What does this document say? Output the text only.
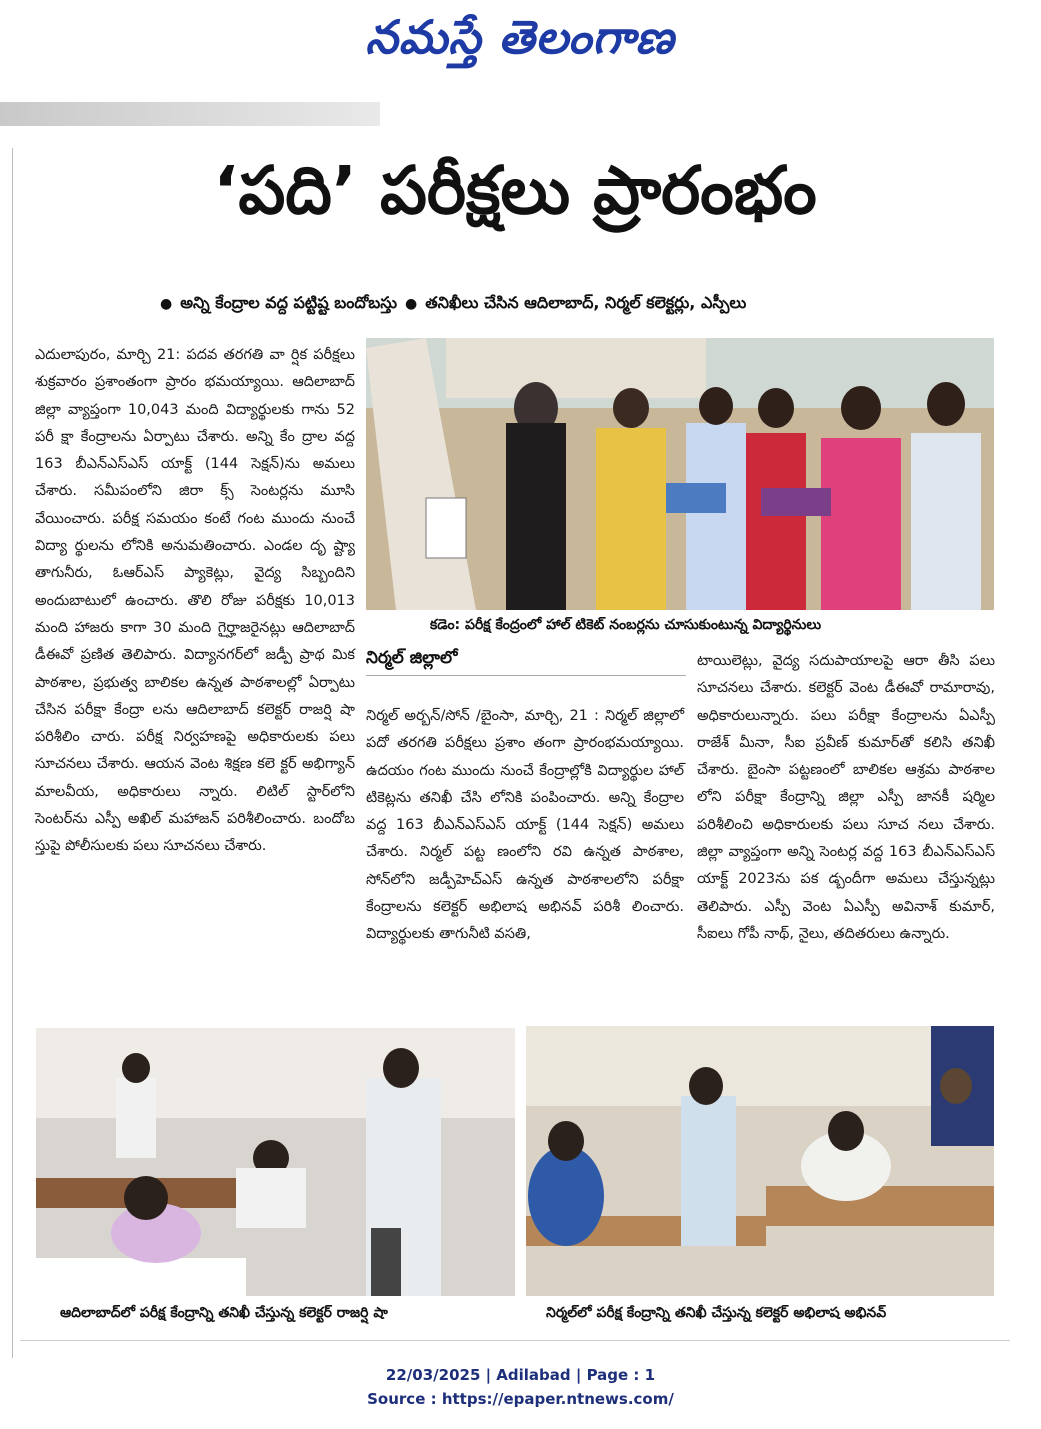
నమస్తే తెలంగాణ
‘పది’ పరీక్షలు ప్రారంభం
● అన్ని కేంద్రాల వద్ద పట్టిష్ట బందోబస్తు ● తనిఖీలు చేసిన ఆదిలాబాద్, నిర్మల్ కలెక్టర్లు, ఎస్పీలు

ఎదులాపురం, మార్చి 21: పదవ తరగతి వా ర్షిక పరీక్షలు శుక్రవారం ప్రశాంతంగా ప్రారం భమయ్యాయి. ఆదిలాబాద్ జిల్లా వ్యాప్తంగా 10,043 మంది విద్యార్థులకు గాను 52 పరీ క్షా కేంద్రాలను ఏర్పాటు చేశారు. అన్ని కేం ద్రాల వద్ద 163 బీఎన్ఎస్ఎస్ యాక్ట్ (144 సెక్షన్)ను అమలు చేశారు. సమీపంలోని జిరా క్స్ సెంటర్లను మూసి వేయించారు. పరీక్ష సమయం కంటే గంట ముందు నుంచే విద్యా ర్థులను లోనికి అనుమతించారు. ఎండల దృ ష్ట్యా తాగునీరు, ఓఆర్ఎస్ ప్యాకెట్లు, వైద్య సిబ్బందిని అందుబాటులో ఉంచారు. తొలి రోజు పరీక్షకు 10,013 మంది హాజరు కాగా 30 మంది గైర్హాజరైనట్లు ఆదిలాబాద్ డీఈవో ప్రణిత తెలిపారు. విద్యానగర్‌లో జడ్పీ ప్రాథ మిక పాఠశాల, ప్రభుత్వ బాలికల ఉన్నత పాఠశాలల్లో ఏర్పాటు చేసిన పరీక్షా కేంద్రా లను ఆదిలాబాద్ కలెక్టర్ రాజర్షి షా పరిశీలిం చారు. పరీక్ష నిర్వహణపై అధికారులకు పలు సూచనలు చేశారు. ఆయన వెంట శిక్షణ కలె క్టర్ అభిగ్యాన్ మాలవీయ, అధికారులు న్నారు. లిటిల్ స్టార్‌లోని సెంటర్‌ను ఎస్పీ అఖిల్ మహాజన్ పరిశీలించారు. బందోబ స్తుపై పోలీసులకు పలు సూచనలు చేశారు.

కడెం: పరీక్ష కేంద్రంలో హాల్ టికెట్ నంబర్లను చూసుకుంటున్న విద్యార్థినులు
నిర్మల్ జిల్లాలో

నిర్మల్ అర్బన్/సోన్ /బైంసా, మార్చి, 21 : నిర్మల్ జిల్లాలో పదో తరగతి పరీక్షలు ప్రశాం తంగా ప్రారంభమయ్యాయి. ఉదయం గంట ముందు నుంచే కేంద్రాల్లోకి విద్యార్థుల హాల్ టికెట్లను తనిఖీ చేసి లోనికి పంపించారు. అన్ని కేంద్రాల వద్ద 163 బీఎన్ఎస్ఎస్ యాక్ట్ (144 సెక్షన్) అమలు చేశారు. నిర్మల్ పట్ట ణంలోని రవి ఉన్నత పాఠశాల, సోన్‌లోని జడ్పీహెచ్ఎస్ ఉన్నత పాఠశాలలోని పరీక్షా కేంద్రాలను కలెక్టర్ అభిలాష అభినవ్ పరిశీ లించారు. విద్యార్థులకు తాగునీటి వసతి,

టాయిలెట్లు, వైద్య సదుపాయాలపై ఆరా తీసి పలు సూచనలు చేశారు. కలెక్టర్ వెంట డీఈవో రామారావు, అధికారులున్నారు. పలు పరీక్షా కేంద్రాలను ఏఎస్పీ రాజేశ్ మీనా, సీఐ ప్రవీణ్ కుమార్‌తో కలిసి తనిఖీ చేశారు. బైంసా పట్టణంలో బాలికల ఆశ్రమ పాఠశాల లోని పరీక్షా కేంద్రాన్ని జిల్లా ఎస్పీ జానకీ షర్మిల పరిశీలించి అధికారులకు పలు సూచ నలు చేశారు. జిల్లా వ్యాప్తంగా అన్ని సెంటర్ల వద్ద 163 బీఎన్ఎస్ఎస్ యాక్ట్ 2023ను పక డ్బందీగా అమలు చేస్తున్నట్లు తెలిపారు. ఎస్పీ వెంట ఏఎస్పీ అవినాశ్ కుమార్, సీఐలు గోపీ నాథ్, నైలు, తదితరులు ఉన్నారు.

ఆదిలాబాద్‌లో పరీక్ష కేంద్రాన్ని తనిఖీ చేస్తున్న కలెక్టర్ రాజర్షి షా	నిర్మల్‌లో పరీక్ష కేంద్రాన్ని తనిఖీ చేస్తున్న కలెక్టర్ అభిలాష అభినవ్
22/03/2025 | Adilabad | Page : 1
Source : https://epaper.ntnews.com/
